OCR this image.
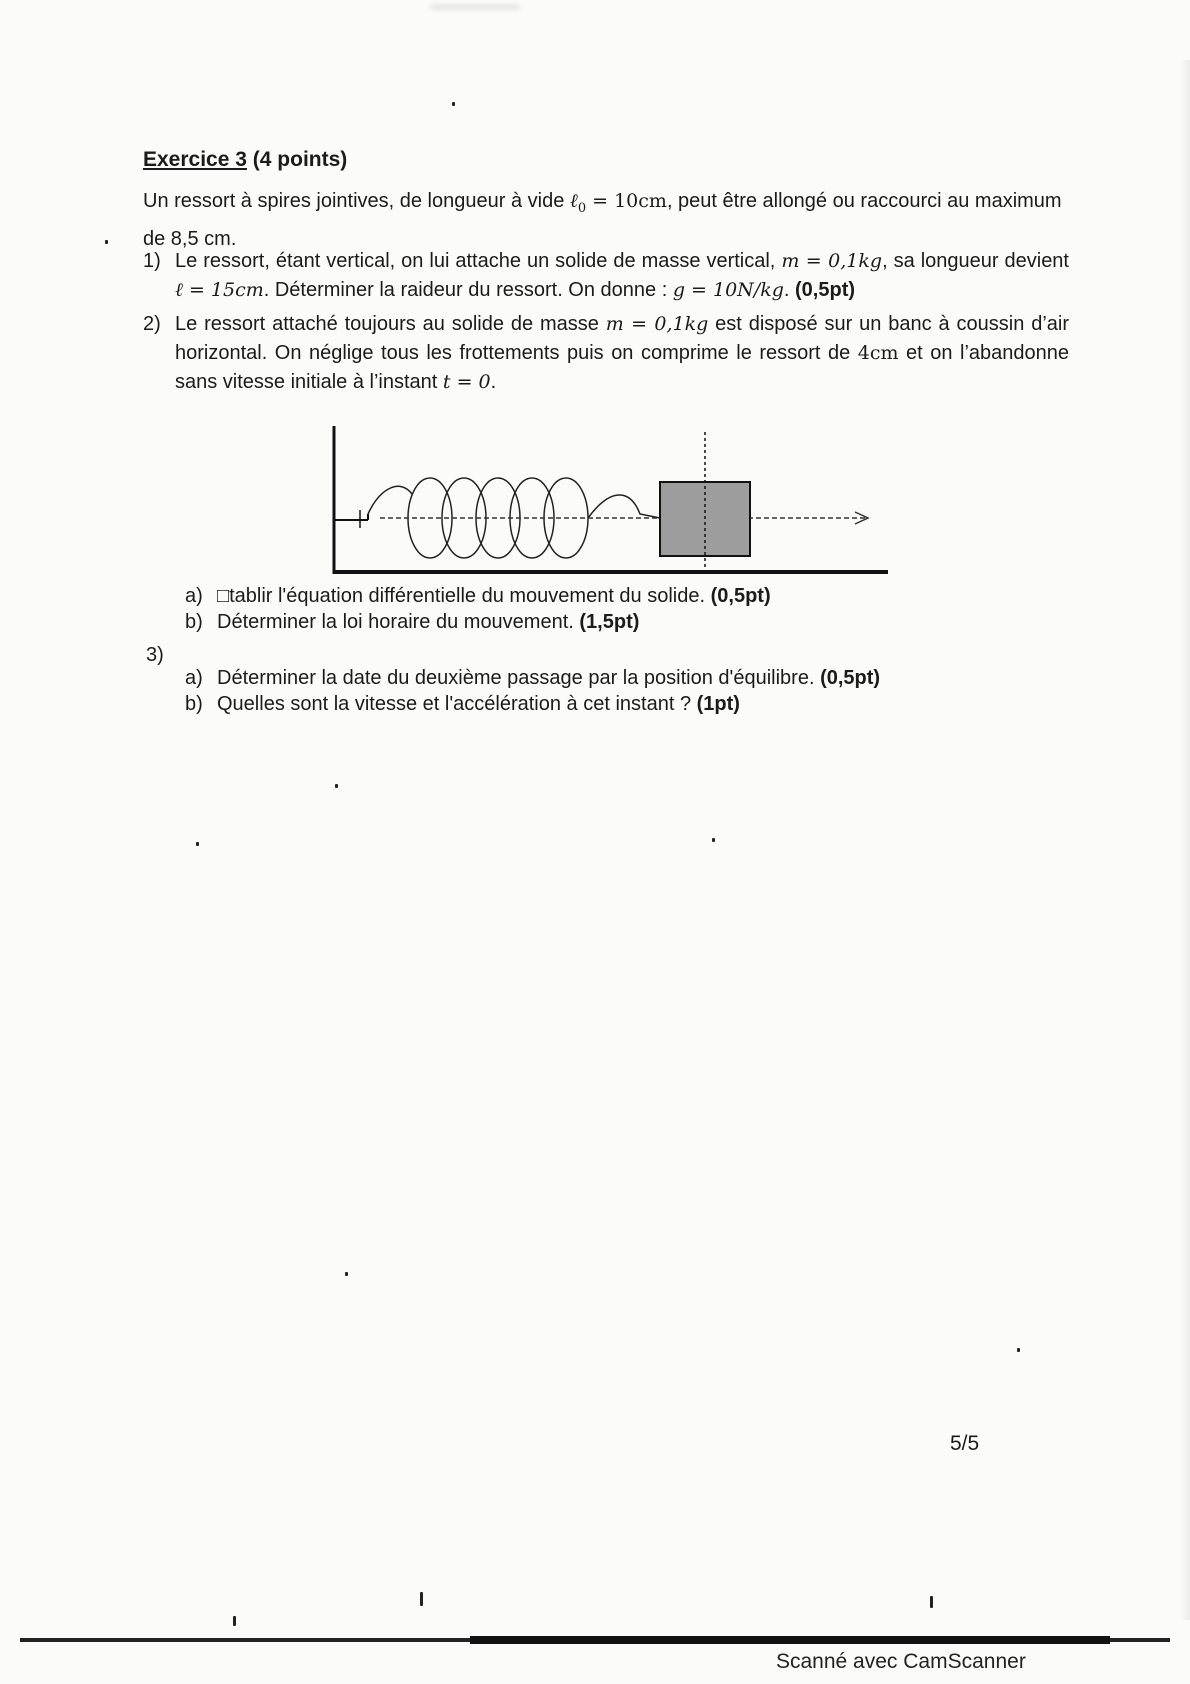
Exercice 3 (4 points)
Un ressort à spires jointives, de longueur à vide ℓ$_0$ = 10cm, peut être allongé ou raccourci au maximum de 8,5 cm.
1) Le ressort, étant vertical, on lui attache un solide de masse vertical, m = 0,1kg, sa longueur devient ℓ = 15cm. Déterminer la raideur du ressort. On donne : g = 10N/kg. (0,5pt)
2) Le ressort attaché toujours au solide de masse m = 0,1kg est disposé sur un banc à coussin d’air horizontal. On néglige tous les frottements puis on comprime le ressort de 4cm et on l’abandonne sans vitesse initiale à l’instant t = 0.
a) □tablir l'équation différentielle du mouvement du solide. (0,5pt)
b) Déterminer la loi horaire du mouvement. (1,5pt)
3)
a) Déterminer la date du deuxième passage par la position d'équilibre. (0,5pt)
b) Quelles sont la vitesse et l'accélération à cet instant ? (1pt)
5/5
Scanné avec CamScanner
